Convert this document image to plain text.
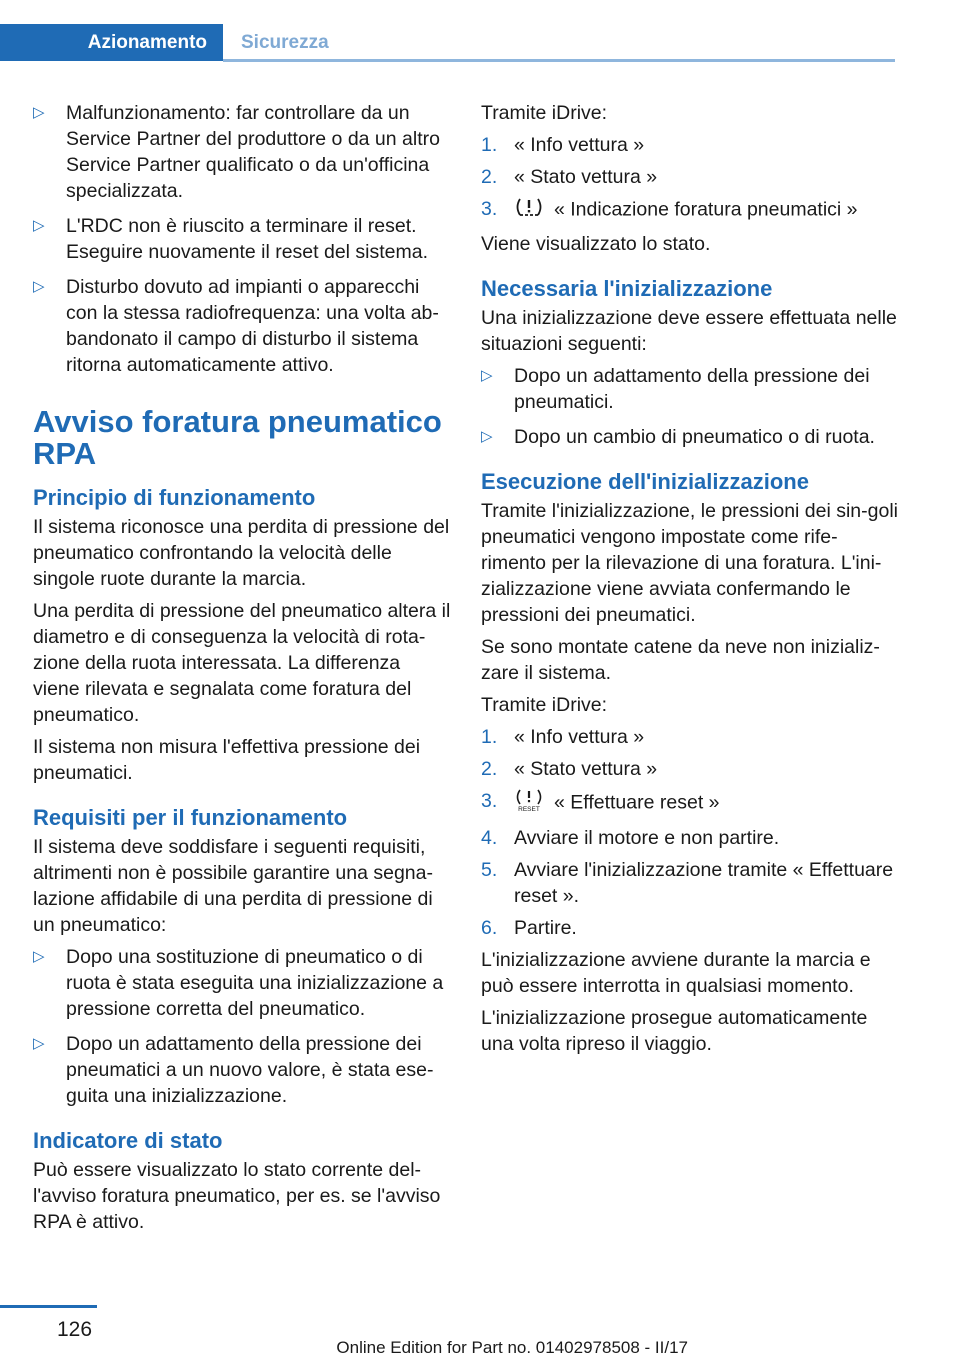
Azionamento	Sicurezza
▷ Malfunzionamento: far controllare da un Service Partner del produttore o da un altro Service Partner qualificato o da un'officina specializzata.
▷ L'RDC non è riuscito a terminare il reset. Eseguire nuovamente il reset del sistema.
▷ Disturbo dovuto ad impianti o apparecchi con la stessa radiofrequenza: una volta ab‐bandonato il campo di disturbo il sistema ritorna automaticamente attivo.
Avviso foratura pneumatico RPA
Principio di funzionamento

Il sistema riconosce una perdita di pressione del pneumatico confrontando la velocità delle singole ruote durante la marcia.

Una perdita di pressione del pneumatico altera il diametro e di conseguenza la velocità di rota‐zione della ruota interessata. La differenza viene rilevata e segnalata come foratura del pneumatico.

Il sistema non misura l'effettiva pressione dei pneumatici.

Requisiti per il funzionamento

Il sistema deve soddisfare i seguenti requisiti, altrimenti non è possibile garantire una segna‐lazione affidabile di una perdita di pressione di un pneumatico:

▷ Dopo una sostituzione di pneumatico o di ruota è stata eseguita una inizializzazione a pressione corretta del pneumatico.
▷ Dopo un adattamento della pressione dei pneumatici a un nuovo valore, è stata ese‐guita una inizializzazione.
Indicatore di stato

Può essere visualizzato lo stato corrente del‐l'avviso foratura pneumatico, per es. se l'avviso RPA è attivo.

Tramite iDrive:

1. « Info vettura »
2. « Stato vettura »
3.	« Indicazione foratura pneumatici »

Viene visualizzato lo stato.

Necessaria l'inizializzazione

Una inizializzazione deve essere effettuata nelle situazioni seguenti:

▷ Dopo un adattamento della pressione dei pneumatici.
▷ Dopo un cambio di pneumatico o di ruota.
Esecuzione dell'inizializzazione

Tramite l'inizializzazione, le pressioni dei sin‐goli pneumatici vengono impostate come rife‐rimento per la rilevazione di una foratura. L'ini‐zializzazione viene avviata confermando le pressioni dei pneumatici.

Se sono montate catene da neve non inizializ‐zare il sistema.

Tramite iDrive:

1. « Info vettura »
2. « Stato vettura »
3.	RESET « Effettuare reset »
4. Avviare il motore e non partire.
5. Avviare l'inizializzazione tramite « Effettuare reset ».
6. Partire.

L'inizializzazione avviene durante la marcia e può essere interrotta in qualsiasi momento.

L'inizializzazione prosegue automaticamente una volta ripreso il viaggio.

126
Online Edition for Part no. 01402978508 - II/17
